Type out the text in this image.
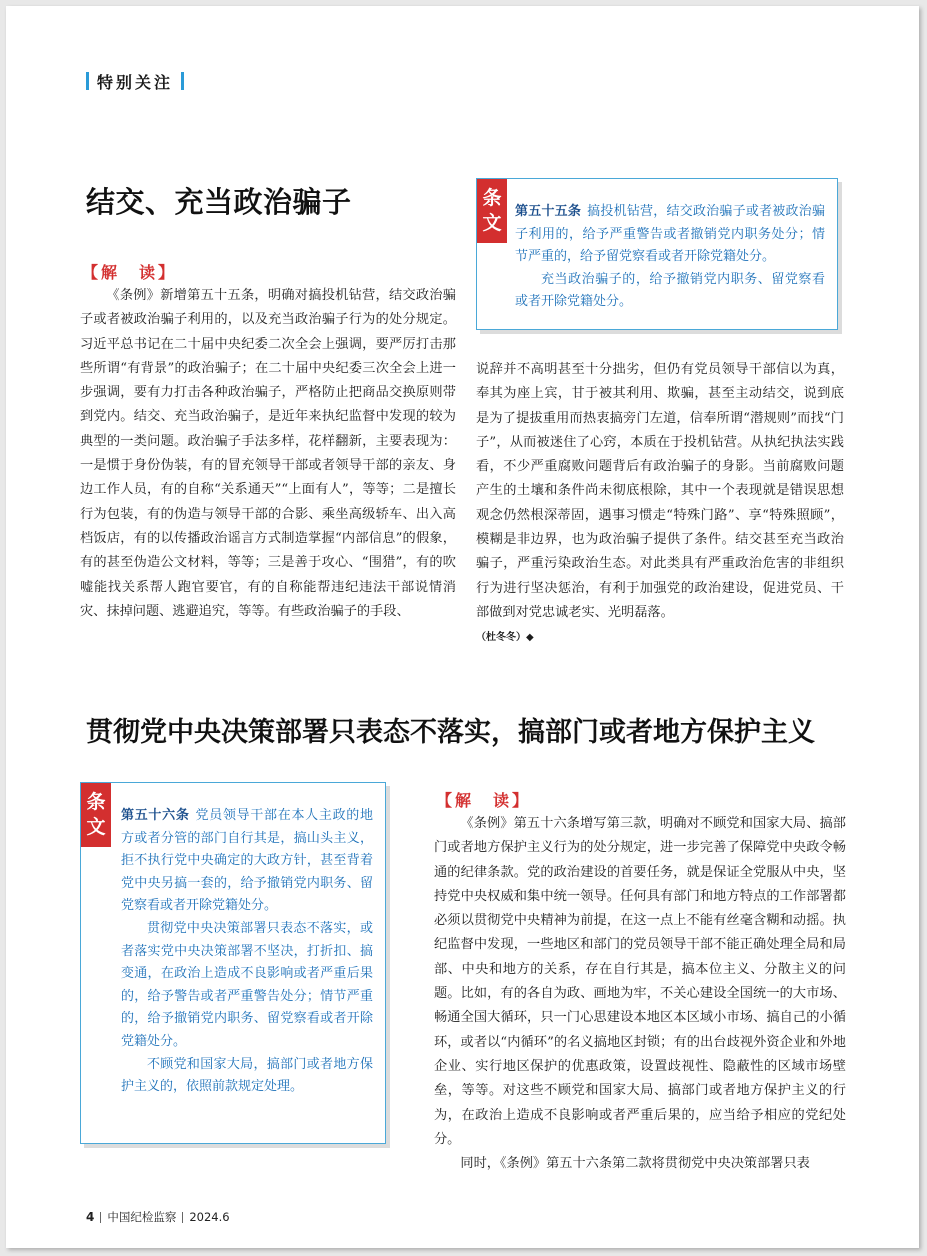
特别关注
结交、充当政治骗子	条
文

第五十五条 搞投机钻营，结交政治骗子或者被政治骗子利用的，给予严重警告或者撤销党内职务处分；情节严重的，给予留党察看或者开除党籍处分。

充当政治骗子的，给予撤销党内职务、留党察看或者开除党籍处分。

【解　读】

《条例》新增第五十五条，明确对搞投机钻营，结交政治骗子或者被政治骗子利用的，以及充当政治骗子行为的处分规定。习近平总书记在二十届中央纪委二次全会上强调，要严厉打击那些所谓“有背景”的政治骗子；在二十届中央纪委三次全会上进一步强调，要有力打击各种政治骗子，严格防止把商品交换原则带到党内。结交、充当政治骗子，是近年来执纪监督中发现的较为典型的一类问题。政治骗子手法多样，花样翻新，主要表现为：一是惯于身份伪装，有的冒充领导干部或者领导干部的亲友、身边工作人员，有的自称“关系通天”“上面有人”，等等；二是擅长行为包装，有的伪造与领导干部的合影、乘坐高级轿车、出入高档饭店，有的以传播政治谣言方式制造掌握“内部信息”的假象，有的甚至伪造公文材料，等等；三是善于攻心、“围猎”，有的吹嘘能找关系帮人跑官要官，有的自称能帮违纪违法干部说情消灾、抹掉问题、逃避追究，等等。有些政治骗子的手段、

说辞并不高明甚至十分拙劣，但仍有党员领导干部信以为真，奉其为座上宾，甘于被其利用、欺骗，甚至主动结交，说到底是为了提拔重用而热衷搞旁门左道，信奉所谓“潜规则”而找“门子”，从而被迷住了心窍，本质在于投机钻营。从执纪执法实践看，不少严重腐败问题背后有政治骗子的身影。当前腐败问题产生的土壤和条件尚未彻底根除，其中一个表现就是错误思想观念仍然根深蒂固，遇事习惯走“特殊门路”、享“特殊照顾”，模糊是非边界，也为政治骗子提供了条件。结交甚至充当政治骗子，严重污染政治生态。对此类具有严重政治危害的非组织行为进行坚决惩治，有利于加强党的政治建设，促进党员、干部做到对党忠诚老实、光明磊落。

（杜冬冬）◆

贯彻党中央决策部署只表态不落实，搞部门或者地方保护主义
条
文

第五十六条 党员领导干部在本人主政的地方或者分管的部门自行其是，搞山头主义，拒不执行党中央确定的大政方针，甚至背着党中央另搞一套的，给予撤销党内职务、留党察看或者开除党籍处分。

贯彻党中央决策部署只表态不落实，或者落实党中央决策部署不坚决，打折扣、搞变通，在政治上造成不良影响或者严重后果的，给予警告或者严重警告处分；情节严重的，给予撤销党内职务、留党察看或者开除党籍处分。

不顾党和国家大局，搞部门或者地方保护主义的，依照前款规定处理。

【解　读】

《条例》第五十六条增写第三款，明确对不顾党和国家大局、搞部门或者地方保护主义行为的处分规定，进一步完善了保障党中央政令畅通的纪律条款。党的政治建设的首要任务，就是保证全党服从中央，坚持党中央权威和集中统一领导。任何具有部门和地方特点的工作部署都必须以贯彻党中央精神为前提，在这一点上不能有丝毫含糊和动摇。执纪监督中发现，一些地区和部门的党员领导干部不能正确处理全局和局部、中央和地方的关系，存在自行其是，搞本位主义、分散主义的问题。比如，有的各自为政、画地为牢，不关心建设全国统一的大市场、畅通全国大循环，只一门心思建设本地区本区域小市场、搞自己的小循环，或者以“内循环”的名义搞地区封锁；有的出台歧视外资企业和外地企业、实行地区保护的优惠政策，设置歧视性、隐蔽性的区域市场壁垒，等等。对这些不顾党和国家大局、搞部门或者地方保护主义的行为，在政治上造成不良影响或者严重后果的，应当给予相应的党纪处分。

同时，《条例》第五十六条第二款将贯彻党中央决策部署只表

4 中国纪检监察 2024.6
